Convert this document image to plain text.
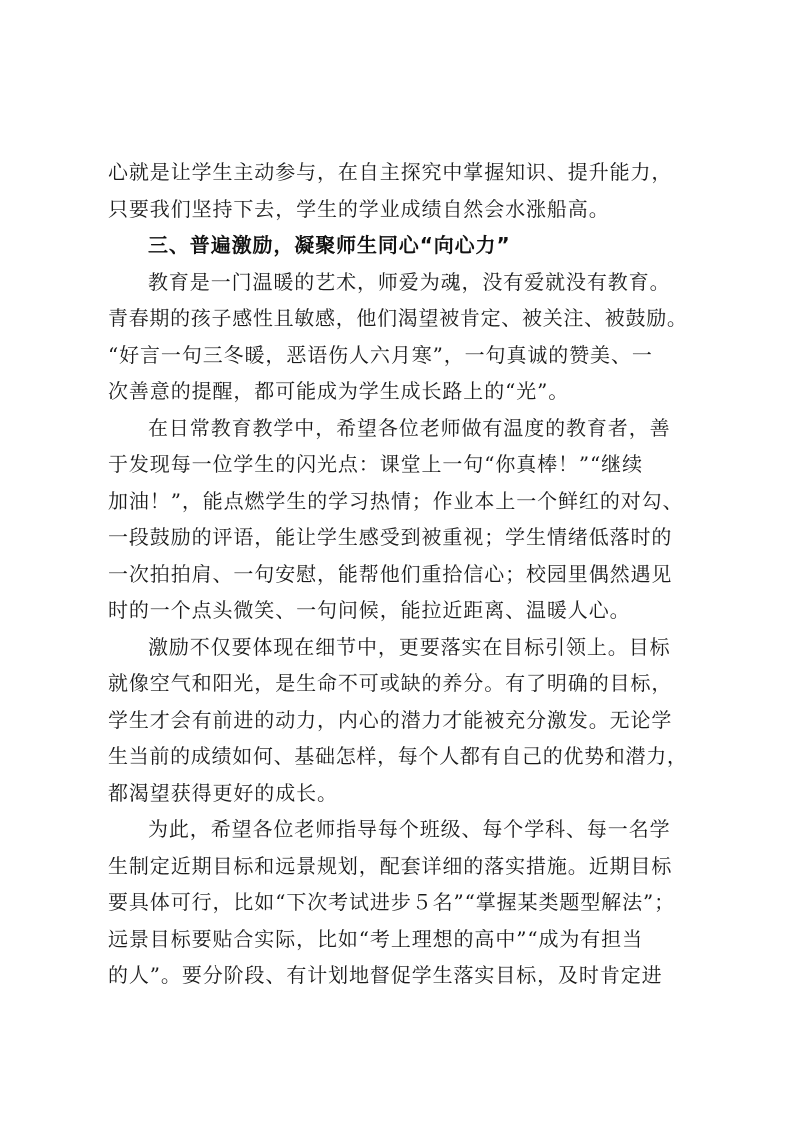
心就是让学生主动参与，在自主探究中掌握知识、提升能力，
只要我们坚持下去，学生的学业成绩自然会水涨船高。
三、普遍激励，凝聚师生同心“向心力”
教育是一门温暖的艺术，师爱为魂，没有爱就没有教育。
青春期的孩子感性且敏感，他们渴望被肯定、被关注、被鼓励。
“好言一句三冬暖，恶语伤人六月寒”，一句真诚的赞美、一
次善意的提醒，都可能成为学生成长路上的“光”。
在日常教育教学中，希望各位老师做有温度的教育者，善
于发现每一位学生的闪光点：课堂上一句“你真棒！”“继续
加油！”，能点燃学生的学习热情；作业本上一个鲜红的对勾、
一段鼓励的评语，能让学生感受到被重视；学生情绪低落时的
一次拍拍肩、一句安慰，能帮他们重拾信心；校园里偶然遇见
时的一个点头微笑、一句问候，能拉近距离、温暖人心。
激励不仅要体现在细节中，更要落实在目标引领上。目标
就像空气和阳光，是生命不可或缺的养分。有了明确的目标，
学生才会有前进的动力，内心的潜力才能被充分激发。无论学
生当前的成绩如何、基础怎样，每个人都有自己的优势和潜力，
都渴望获得更好的成长。
为此，希望各位老师指导每个班级、每个学科、每一名学
生制定近期目标和远景规划，配套详细的落实措施。近期目标
要具体可行，比如“下次考试进步５名”“掌握某类题型解法”；
远景目标要贴合实际，比如“考上理想的高中”“成为有担当
的人”。要分阶段、有计划地督促学生落实目标，及时肯定进
